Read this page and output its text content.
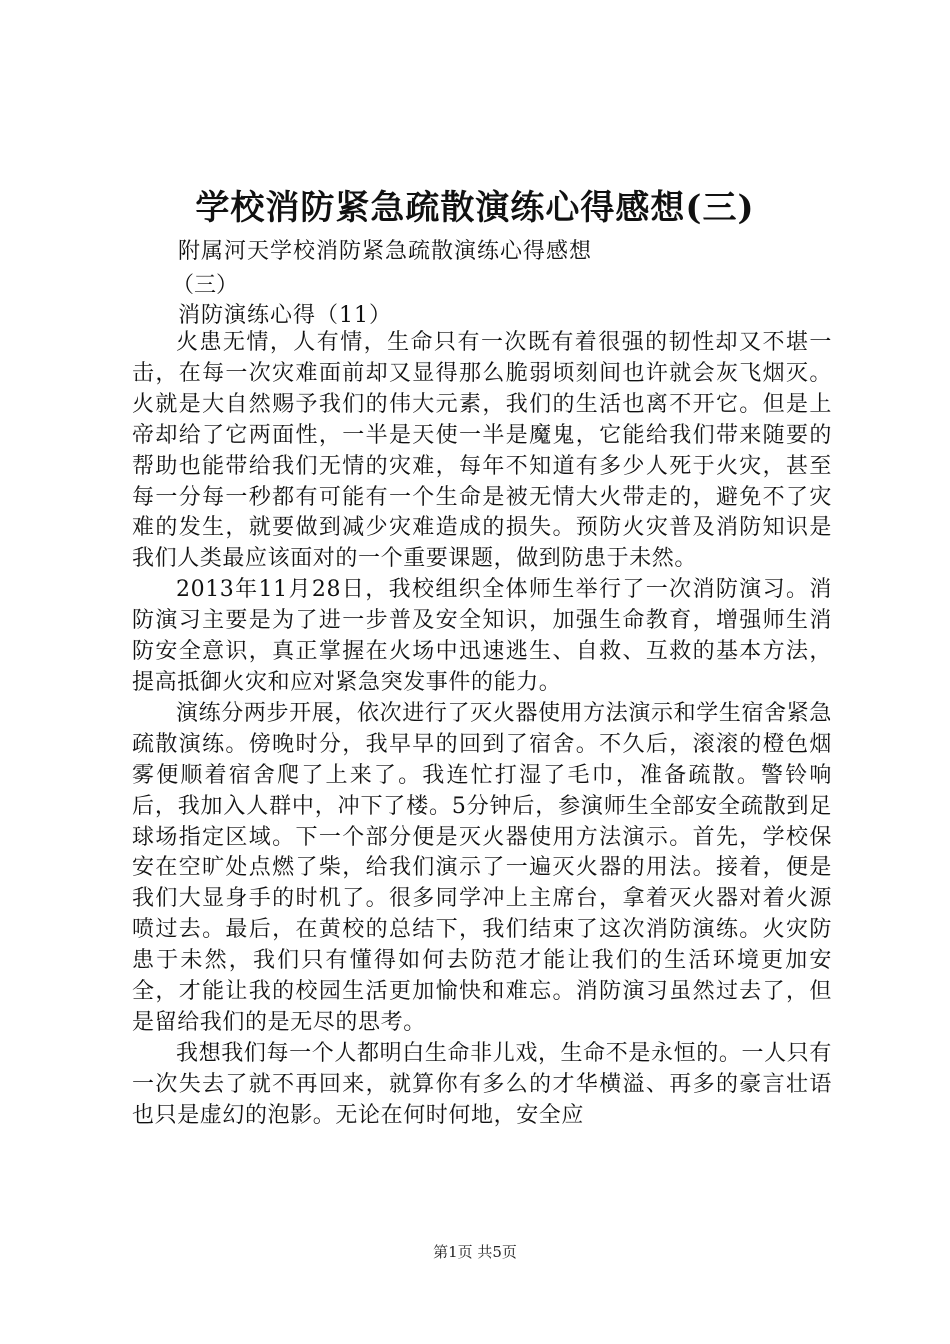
学校消防紧急疏散演练心得感想(三)
附属河天学校消防紧急疏散演练心得感想
（三）
消防演练心得（11）

火患无情，人有情，生命只有一次既有着很强的韧性却又不堪一击，在每一次灾难面前却又显得那么脆弱顷刻间也许就会灰飞烟灭。火就是大自然赐予我们的伟大元素，我们的生活也离不开它。但是上帝却给了它两面性，一半是天使一半是魔鬼，它能给我们带来随要的帮助也能带给我们无情的灾难，每年不知道有多少人死于火灾，甚至每一分每一秒都有可能有一个生命是被无情大火带走的，避免不了灾难的发生，就要做到减少灾难造成的损失。预防火灾普及消防知识是我们人类最应该面对的一个重要课题，做到防患于未然。

2013年11月28日，我校组织全体师生举行了一次消防演习。消防演习主要是为了进一步普及安全知识，加强生命教育，增强师生消防安全意识，真正掌握在火场中迅速逃生、自救、互救的基本方法，提高抵御火灾和应对紧急突发事件的能力。

演练分两步开展，依次进行了灭火器使用方法演示和学生宿舍紧急疏散演练。傍晚时分，我早早的回到了宿舍。不久后，滚滚的橙色烟雾便顺着宿舍爬了上来了。我连忙打湿了毛巾，准备疏散。警铃响后，我加入人群中，冲下了楼。5分钟后，参演师生全部安全疏散到足球场指定区域。下一个部分便是灭火器使用方法演示。首先，学校保安在空旷处点燃了柴，给我们演示了一遍灭火器的用法。接着，便是我们大显身手的时机了。很多同学冲上主席台，拿着灭火器对着火源喷过去。最后，在黄校的总结下，我们结束了这次消防演练。火灾防患于未然，我们只有懂得如何去防范才能让我们的生活环境更加安全，才能让我的校园生活更加愉快和难忘。消防演习虽然过去了，但是留给我们的是无尽的思考。

我想我们每一个人都明白生命非儿戏，生命不是永恒的。一人只有一次失去了就不再回来，就算你有多么的才华横溢、再多的豪言壮语也只是虚幻的泡影。无论在何时何地，安全应

第1页 共5页
